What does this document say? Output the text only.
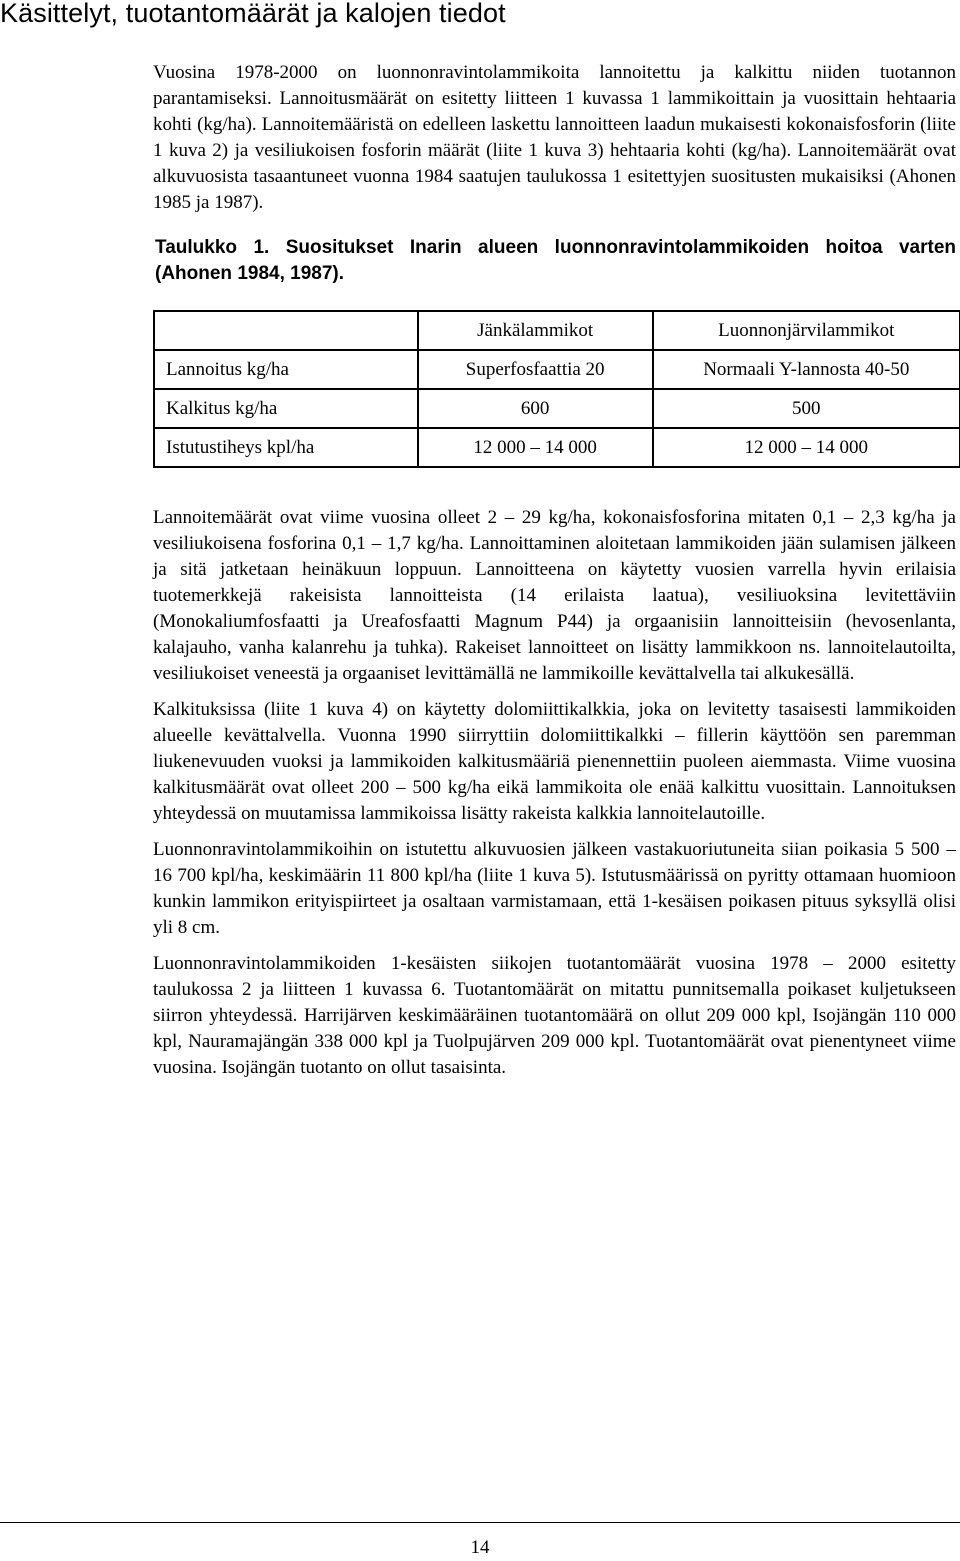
Käsittelyt, tuotantomäärät ja kalojen tiedot

Vuosina 1978-2000 on luonnonravintolammikoita lannoitettu ja kalkittu niiden tuotannon parantamiseksi. Lannoitusmäärät on esitetty liitteen 1 kuvassa 1 lammikoittain ja vuosittain hehtaaria kohti (kg/ha). Lannoitemääristä on edelleen laskettu lannoitteen laadun mukaisesti kokonaisfosforin (liite 1 kuva 2) ja vesiliukoisen fosforin määrät (liite 1 kuva 3) hehtaaria kohti (kg/ha). Lannoitemäärät ovat alkuvuosista tasaantuneet vuonna 1984 saatujen taulukossa 1 esitettyjen suositusten mukaisiksi (Ahonen 1985 ja 1987).

Taulukko 1. Suositukset Inarin alueen luonnonravintolammikoiden hoitoa varten (Ahonen 1984, 1987).
	Jänkälammikot	Luonnonjärvilammikot
Lannoitus kg/ha	Superfosfaattia 20	Normaali Y-lannosta 40-50
Kalkitus kg/ha	600	500
Istutustiheys kpl/ha	12 000 – 14 000	12 000 – 14 000

Lannoitemäärät ovat viime vuosina olleet 2 – 29 kg/ha, kokonaisfosforina mitaten 0,1 – 2,3 kg/ha ja vesiliukoisena fosforina 0,1 – 1,7 kg/ha. Lannoittaminen aloitetaan lammikoiden jään sulamisen jälkeen ja sitä jatketaan heinäkuun loppuun. Lannoitteena on käytetty vuosien varrella hyvin erilaisia tuotemerkkejä rakeisista lannoitteista (14 erilaista laatua), vesiliuoksina levitettäviin (Monokaliumfosfaatti ja Ureafosfaatti Magnum P44) ja orgaanisiin lannoitteisiin (hevosenlanta, kalajauho, vanha kalanrehu ja tuhka). Rakeiset lannoitteet on lisätty lammikkoon ns. lannoitelautoilta, vesiliukoiset veneestä ja orgaaniset levittämällä ne lammikoille kevättalvella tai alkukesällä.

Kalkituksissa (liite 1 kuva 4) on käytetty dolomiittikalkkia, joka on levitetty tasaisesti lammikoiden alueelle kevättalvella. Vuonna 1990 siirryttiin dolomiittikalkki – fillerin käyttöön sen paremman liukenevuuden vuoksi ja lammikoiden kalkitusmääriä pienennettiin puoleen aiemmasta. Viime vuosina kalkitusmäärät ovat olleet 200 – 500 kg/ha eikä lammikoita ole enää kalkittu vuosittain. Lannoituksen yhteydessä on muutamissa lammikoissa lisätty rakeista kalkkia lannoitelautoille.

Luonnonravintolammikoihin on istutettu alkuvuosien jälkeen vastakuoriutuneita siian poikasia 5 500 – 16 700 kpl/ha, keskimäärin 11 800 kpl/ha (liite 1 kuva 5). Istutusmäärissä on pyritty ottamaan huomioon kunkin lammikon erityispiirteet ja osaltaan varmistamaan, että 1-kesäisen poikasen pituus syksyllä olisi yli 8 cm.

Luonnonravintolammikoiden 1-kesäisten siikojen tuotantomäärät vuosina 1978 – 2000 esitetty taulukossa 2 ja liitteen 1 kuvassa 6. Tuotantomäärät on mitattu punnitsemalla poikaset kuljetukseen siirron yhteydessä. Harrijärven keskimääräinen tuotantomäärä on ollut 209 000 kpl, Isojängän 110 000 kpl, Nauramajängän 338 000 kpl ja Tuolpujärven 209 000 kpl. Tuotantomäärät ovat pienentyneet viime vuosina. Isojängän tuotanto on ollut tasaisinta.

14
